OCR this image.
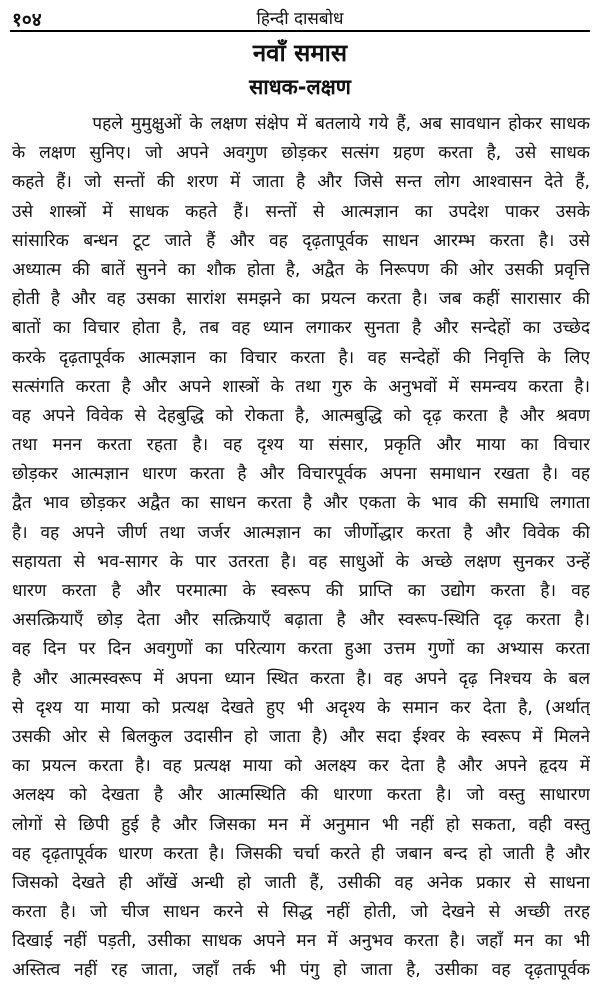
१०४	हिन्दी दासबोध
नवाँ समास
साधक-लक्षण
पहले मुमुक्षुओं के लक्षण संक्षेप में बतलाये गये हैं, अब सावधान होकर साधक
के लक्षण सुनिए। जो अपने अवगुण छोड़कर सत्संग ग्रहण करता है, उसे साधक
कहते हैं। जो सन्तों की शरण में जाता है और जिसे सन्त लोग आश्वासन देते हैं,
उसे शास्त्रों में साधक कहते हैं। सन्तों से आत्मज्ञान का उपदेश पाकर उसके
सांसारिक बन्धन टूट जाते हैं और वह दृढ़तापूर्वक साधन आरम्भ करता है। उसे
अध्यात्म की बातें सुनने का शौक होता है, अद्वैत के निरूपण की ओर उसकी प्रवृत्ति
होती है और वह उसका सारांश समझने का प्रयत्न करता है। जब कहीं सारासार की
बातों का विचार होता है, तब वह ध्यान लगाकर सुनता है और सन्देहों का उच्छेद
करके दृढ़तापूर्वक आत्मज्ञान का विचार करता है। वह सन्देहों की निवृत्ति के लिए
सत्संगति करता है और अपने शास्त्रों के तथा गुरु के अनुभवों में समन्वय करता है।
वह अपने विवेक से देहबुद्धि को रोकता है, आत्मबुद्धि को दृढ़ करता है और श्रवण
तथा मनन करता रहता है। वह दृश्य या संसार, प्रकृति और माया का विचार
छोड़कर आत्मज्ञान धारण करता है और विचारपूर्वक अपना समाधान रखता है। वह
द्वैत भाव छोड़कर अद्वैत का साधन करता है और एकता के भाव की समाधि लगाता
है। वह अपने जीर्ण तथा जर्जर आत्मज्ञान का जीर्णोद्धार करता है और विवेक की
सहायता से भव-सागर के पार उतरता है। वह साधुओं के अच्छे लक्षण सुनकर उन्हें
धारण करता है और परमात्मा के स्वरूप की प्राप्ति का उद्योग करता है। वह
असत्क्रियाएँ छोड़ देता और सत्क्रियाएँ बढ़ाता है और स्वरूप-स्थिति दृढ़ करता है।
वह दिन पर दिन अवगुणों का परित्याग करता हुआ उत्तम गुणों का अभ्यास करता
है और आत्मस्वरूप में अपना ध्यान स्थित करता है। वह अपने दृढ़ निश्चय के बल
से दृश्य या माया को प्रत्यक्ष देखते हुए भी अदृश्य के समान कर देता है, (अर्थात्
उसकी ओर से बिलकुल उदासीन हो जाता है) और सदा ईश्वर के स्वरूप में मिलने
का प्रयत्न करता है। वह प्रत्यक्ष माया को अलक्ष्य कर देता है और अपने हृदय में
अलक्ष्य को देखता है और आत्मस्थिति की धारणा करता है। जो वस्तु साधारण
लोगों से छिपी हुई है और जिसका मन में अनुमान भी नहीं हो सकता, वही वस्तु
वह दृढ़तापूर्वक धारण करता है। जिसकी चर्चा करते ही जबान बन्द हो जाती है और
जिसको देखते ही आँखें अन्धी हो जाती हैं, उसीकी वह अनेक प्रकार से साधना
करता है। जो चीज साधन करने से सिद्ध नहीं होती, जो देखने से अच्छी तरह
दिखाई नहीं पड़ती, उसीका साधक अपने मन में अनुभव करता है। जहाँ मन का भी
अस्तित्व नहीं रह जाता, जहाँ तर्क भी पंगु हो जाता है, उसीका वह दृढ़तापूर्वक
